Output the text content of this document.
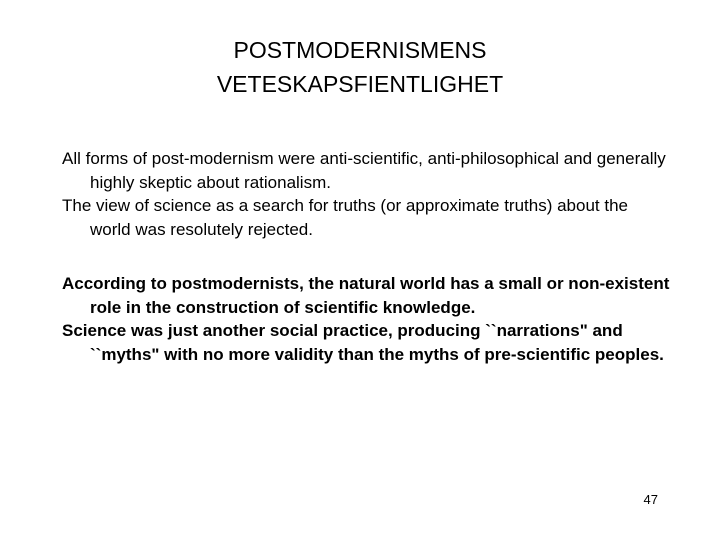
POSTMODERNISMENS
VETESKAPSFIENTLIGHET

All forms of post-modernism were anti-scientific, anti-philosophical and generally highly skeptic about rationalism.

The view of science as a search for truths (or approximate truths) about the world was resolutely rejected.

According to postmodernists, the natural world has a small or non-existent role in the construction of scientific knowledge.

Science was just another social practice, producing ``narrations" and ``myths" with no more validity than the myths of pre-scientific peoples.

47
